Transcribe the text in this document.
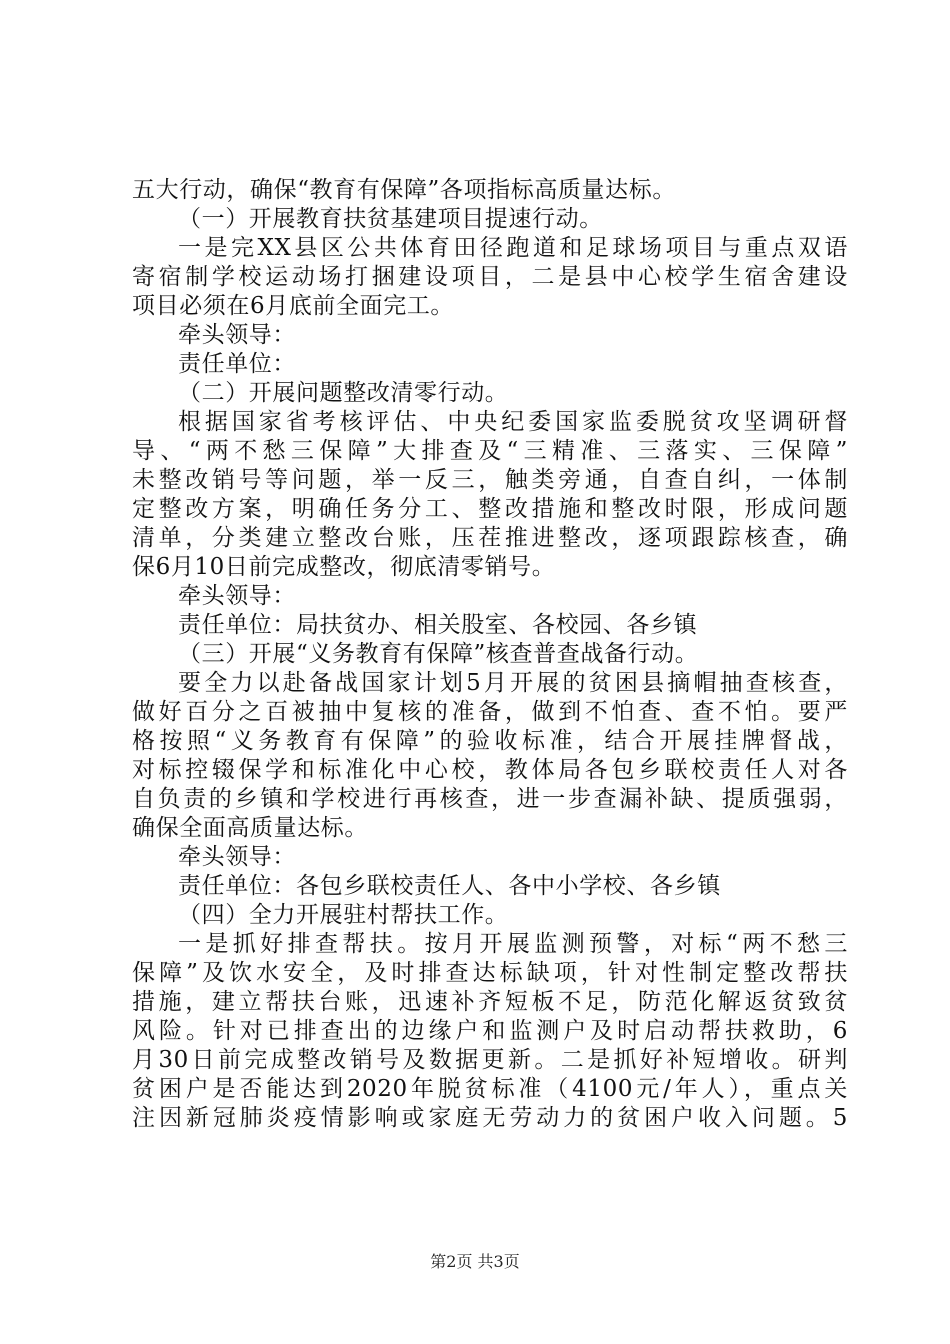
五大行动，确保“教育有保障”各项指标高质量达标。
（一）开展教育扶贫基建项目提速行动。
一是完XX县区公共体育田径跑道和足球场项目与重点双语
寄宿制学校运动场打捆建设项目，二是县中心校学生宿舍建设
项目必须在6月底前全面完工。
牵头领导：
责任单位：
（二）开展问题整改清零行动。
根据国家省考核评估、中央纪委国家监委脱贫攻坚调研督
导、“两不愁三保障”大排查及“三精准、三落实、三保障”
未整改销号等问题，举一反三，触类旁通，自查自纠，一体制
定整改方案，明确任务分工、整改措施和整改时限，形成问题
清单，分类建立整改台账，压茬推进整改，逐项跟踪核查，确
保6月10日前完成整改，彻底清零销号。
牵头领导：
责任单位：局扶贫办、相关股室、各校园、各乡镇
（三）开展“义务教育有保障”核查普查战备行动。
要全力以赴备战国家计划5月开展的贫困县摘帽抽查核查，
做好百分之百被抽中复核的准备，做到不怕查、查不怕。要严
格按照“义务教育有保障”的验收标准，结合开展挂牌督战，
对标控辍保学和标准化中心校，教体局各包乡联校责任人对各
自负责的乡镇和学校进行再核查，进一步查漏补缺、提质强弱，
确保全面高质量达标。
牵头领导：
责任单位：各包乡联校责任人、各中小学校、各乡镇
（四）全力开展驻村帮扶工作。
一是抓好排查帮扶。按月开展监测预警，对标“两不愁三
保障”及饮水安全，及时排查达标缺项，针对性制定整改帮扶
措施，建立帮扶台账，迅速补齐短板不足，防范化解返贫致贫
风险。针对已排查出的边缘户和监测户及时启动帮扶救助，6
月30日前完成整改销号及数据更新。二是抓好补短增收。研判
贫困户是否能达到2020年脱贫标准（4100元/年人），重点关
注因新冠肺炎疫情影响或家庭无劳动力的贫困户收入问题。5
第2页 共3页
